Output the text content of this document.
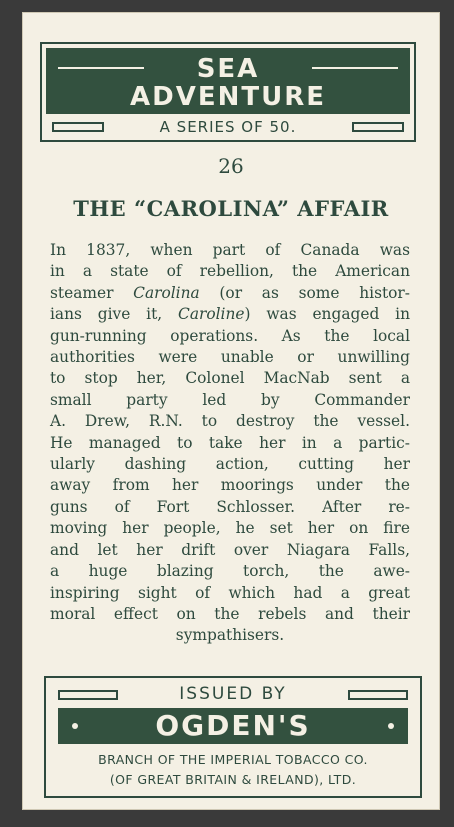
SEA
ADVENTURE
A SERIES OF 50.
26
THE “CAROLINA” AFFAIR
In 1837, when part of Canada was
in a state of rebellion, the American
steamer Carolina (or as some histor-
ians give it, Caroline) was engaged in
gun-running operations. As the local
authorities were unable or unwilling
to stop her, Colonel MacNab sent a
small party led by Commander
A. Drew, R.N. to destroy the vessel.
He managed to take her in a partic-
ularly dashing action, cutting her
away from her moorings under the
guns of Fort Schlosser. After re-
moving her people, he set her on fire
and let her drift over Niagara Falls,
a huge blazing torch, the awe-
inspiring sight of which had a great
moral effect on the rebels and their
sympathisers.
ISSUED BY
OGDEN'S
BRANCH OF THE IMPERIAL TOBACCO CO.
(OF GREAT BRITAIN & IRELAND), LTD.
